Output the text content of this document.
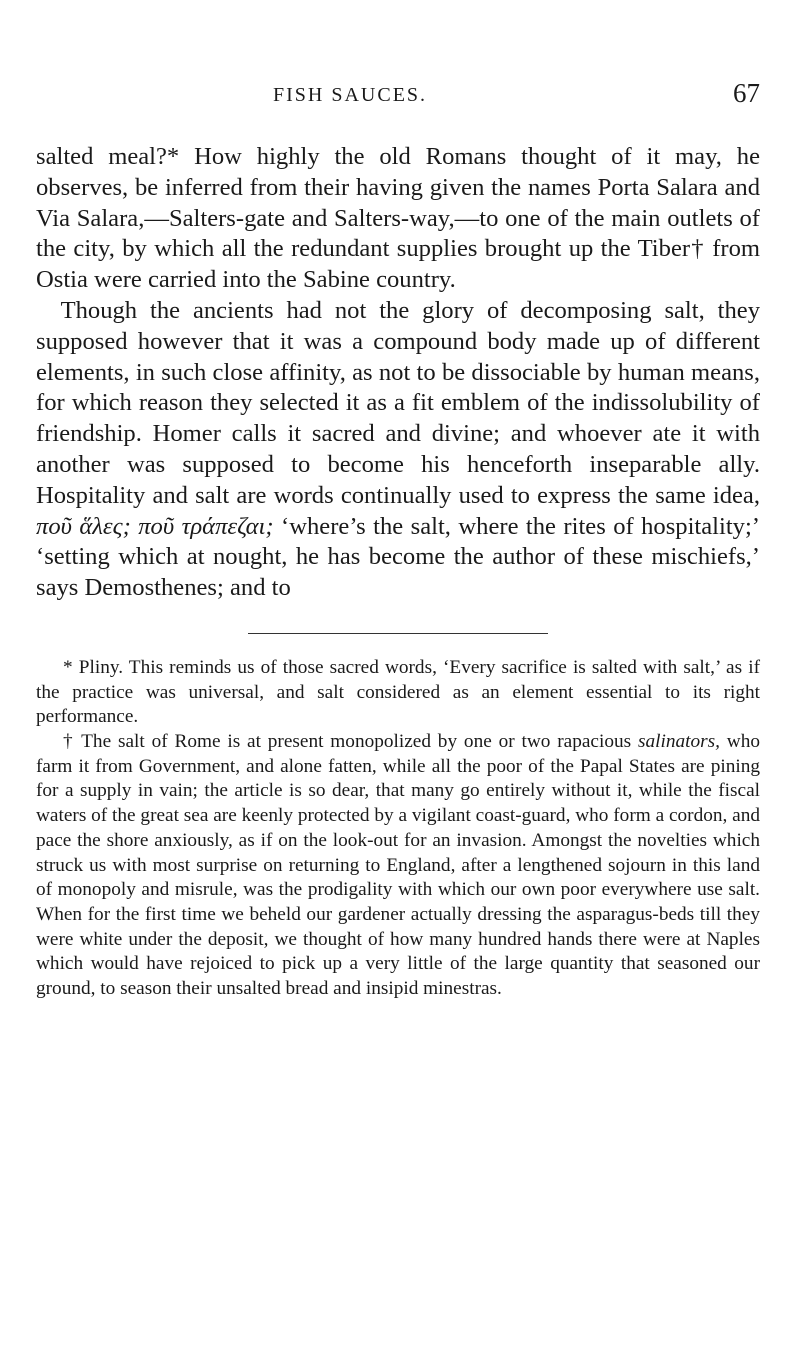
FISH SAUCES.	67

salted meal?* How highly the old Romans thought of it may, he observes, be inferred from their having given the names Porta Salara and Via Salara,—Salters-gate and Salters-way,—to one of the main outlets of the city, by which all the redundant supplies brought up the Tiber† from Ostia were carried into the Sabine country.

Though the ancients had not the glory of decomposing salt, they supposed however that it was a compound body made up of different elements, in such close affinity, as not to be dissociable by human means, for which reason they selected it as a fit emblem of the indissolubility of friendship. Homer calls it sacred and divine; and whoever ate it with another was supposed to become his henceforth inseparable ally. Hospitality and salt are words continually used to express the same idea, ποῦ ἅλες; ποῦ τράπεζαι; ‘where’s the salt, where the rites of hospitality;’ ‘setting which at nought, he has become the author of these mischiefs,’ says Demosthenes; and to

* Pliny. This reminds us of those sacred words, ‘Every sacrifice is salted with salt,’ as if the practice was universal, and salt considered as an element essential to its right performance.

† The salt of Rome is at present monopolized by one or two rapacious salinators, who farm it from Government, and alone fatten, while all the poor of the Papal States are pining for a supply in vain; the article is so dear, that many go entirely without it, while the fiscal waters of the great sea are keenly protected by a vigilant coast-guard, who form a cordon, and pace the shore anxiously, as if on the look-out for an invasion. Amongst the novelties which struck us with most surprise on returning to England, after a lengthened sojourn in this land of monopoly and misrule, was the prodigality with which our own poor everywhere use salt. When for the first time we beheld our gardener actually dressing the asparagus-beds till they were white under the deposit, we thought of how many hundred hands there were at Naples which would have rejoiced to pick up a very little of the large quantity that seasoned our ground, to season their unsalted bread and insipid minestras.
